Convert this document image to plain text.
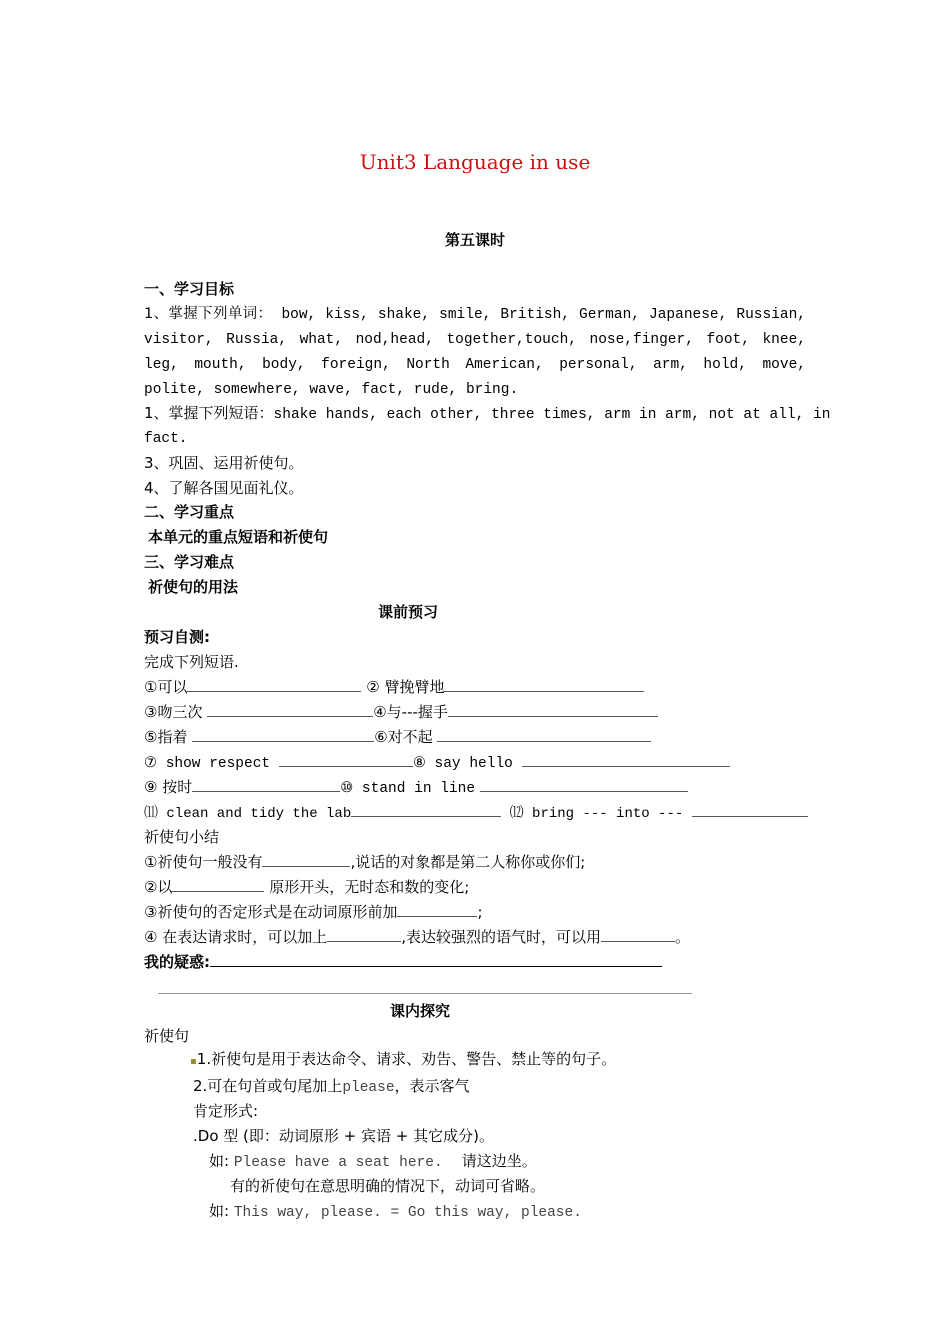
Unit3 Language in use
第五课时
一、学习目标
1、掌握下列单词： bow, kiss, shake, smile, British, German, Japanese, Russian, visitor, Russia, what, nod,head, together,touch, nose,finger, foot, knee, leg, mouth, body, foreign, North American, personal, arm, hold, move, polite, somewhere, wave, fact, rude, bring.
1、掌握下列短语：shake hands, each other, three times, arm in arm, not at all, in
fact.
3、巩固、运用祈使句。
4、了解各国见面礼仪。
二、学习重点
本单元的重点短语和祈使句
三、学习难点
祈使句的用法
课前预习
预习自测:
完成下列短语.
①可以	② 臂挽臂地
③吻三次	④与---握手
⑤指着	⑥对不起
⑦ show respect	⑧ say hello
⑨ 按时	⑩ stand in line
⑾ clean and tidy the lab	⑿ bring --- into ---
祈使句小结
①祈使句一般没有	,说话的对象都是第二人称你或你们;
②以	原形开头，无时态和数的变化;
③祈使句的否定形式是在动词原形前加	;
④ 在表达请求时，可以加上	,表达较强烈的语气时，可以用	。
我的疑惑:
课内探究
祈使句
▪1.祈使句是用于表达命令、请求、劝告、警告、禁止等的句子。
2.可在句首或句尾加上please，表示客气
肯定形式:
.Do 型 (即：动词原形 + 宾语 + 其它成分)。
如: Please have a seat here. 请这边坐。
有的祈使句在意思明确的情况下，动词可省略。
如: This way, please. = Go this way, please.
